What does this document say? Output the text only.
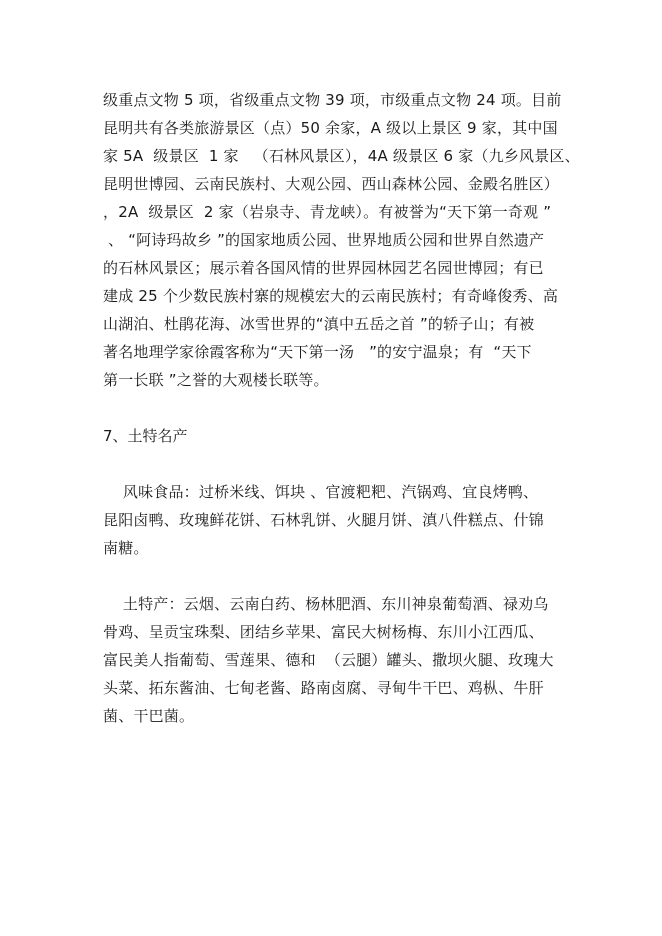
级重点文物 5 项，省级重点文物 39 项，市级重点文物 24 项。目前
昆明共有各类旅游景区（点）50 余家，A 级以上景区 9 家，其中国
家 5A  级景区  1 家   （石林风景区），4A 级景区 6 家（九乡风景区、
昆明世博园、云南民族村、大观公园、西山森林公园、金殿名胜区）
，2A  级景区  2 家（岩泉寺、青龙峡）。有被誉为“天下第一奇观 ”
、 “阿诗玛故乡 ”的国家地质公园、世界地质公园和世界自然遗产
的石林风景区；展示着各国风情的世界园林园艺名园世博园；有已
建成 25 个少数民族村寨的规模宏大的云南民族村；有奇峰俊秀、高
山湖泊、杜鹃花海、冰雪世界的“滇中五岳之首 ”的轿子山；有被
著名地理学家徐霞客称为“天下第一汤   ”的安宁温泉；有  “天下
第一长联 ”之誉的大观楼长联等。
7、土特名产
风味食品：过桥米线、饵块 、官渡粑粑、汽锅鸡、宜良烤鸭、
昆阳卤鸭、玫瑰鲜花饼、石林乳饼、火腿月饼、滇八件糕点、什锦
南糖。
土特产：云烟、云南白药、杨林肥酒、东川神泉葡萄酒、禄劝乌
骨鸡、呈贡宝珠梨、团结乡苹果、富民大树杨梅、东川小江西瓜、
富民美人指葡萄、雪莲果、德和  （云腿）罐头、撒坝火腿、玫瑰大
头菜、拓东酱油、七甸老酱、路南卤腐、寻甸牛干巴、鸡枞、牛肝
菌、干巴菌。
